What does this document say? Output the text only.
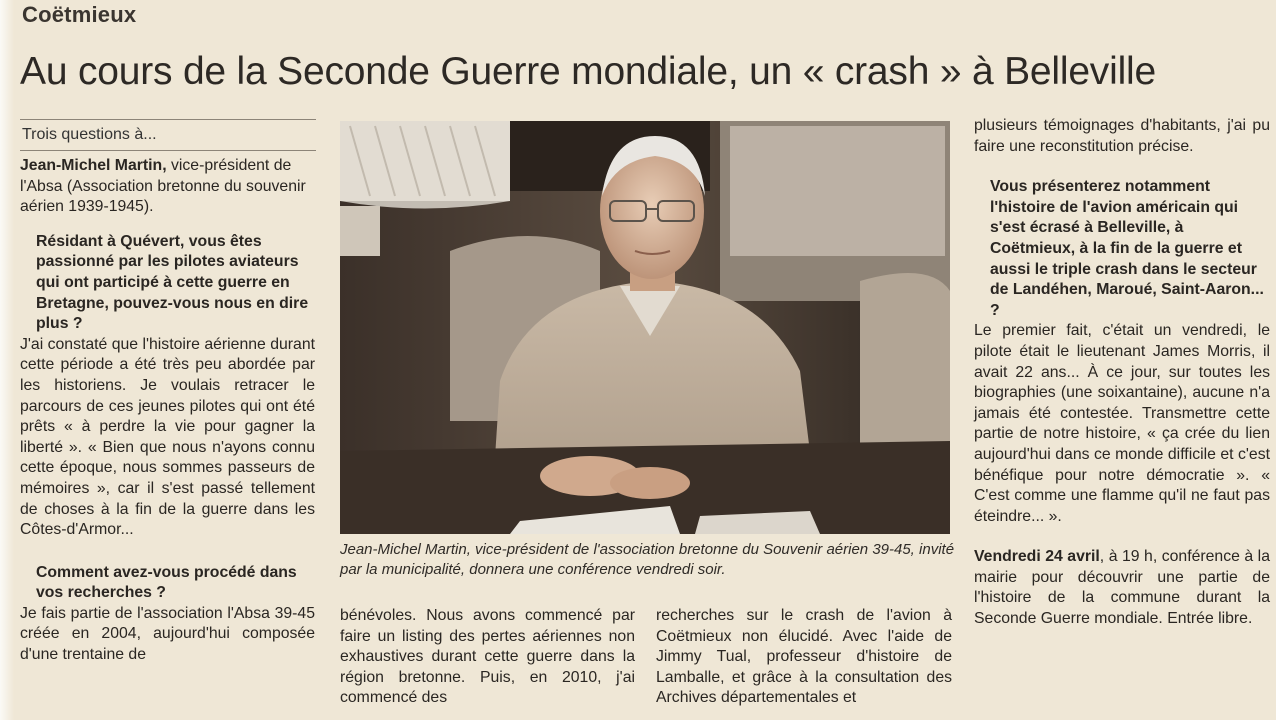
Coëtmieux
Au cours de la Seconde Guerre mondiale, un « crash » à Belleville
Trois questions à...

Jean-Michel Martin, vice-président de l'Absa (Association bretonne du souvenir aérien 1939-1945).

Résidant à Quévert, vous êtes passionné par les pilotes aviateurs qui ont participé à cette guerre en Bretagne, pouvez-vous nous en dire plus ?

J'ai constaté que l'histoire aérienne durant cette période a été très peu abordée par les historiens. Je voulais retracer le parcours de ces jeunes pilotes qui ont été prêts « à perdre la vie pour gagner la liberté ». « Bien que nous n'ayons connu cette époque, nous sommes passeurs de mémoires », car il s'est passé tellement de choses à la fin de la guerre dans les Côtes-d'Armor...

Comment avez-vous procédé dans vos recherches ?

Je fais partie de l'association l'Absa 39-45 créée en 2004, aujourd'hui composée d'une trentaine de

Jean-Michel Martin, vice-président de l'association bretonne du Souvenir aérien 39-45, invité par la municipalité, donnera une conférence vendredi soir.
bénévoles. Nous avons commencé par faire un listing des pertes aériennes non exhaustives durant cette guerre dans la région bretonne. Puis, en 2010, j'ai commencé des
recherches sur le crash de l'avion à Coëtmieux non élucidé. Avec l'aide de Jimmy Tual, professeur d'histoire de Lamballe, et grâce à la consultation des Archives départementales et

plusieurs témoignages d'habitants, j'ai pu faire une reconstitution précise.

Vous présenterez notamment l'histoire de l'avion américain qui s'est écrasé à Belleville, à Coëtmieux, à la fin de la guerre et aussi le triple crash dans le secteur de Landéhen, Maroué, Saint-Aaron... ?

Le premier fait, c'était un vendredi, le pilote était le lieutenant James Morris, il avait 22 ans... À ce jour, sur toutes les biographies (une soixantaine), aucune n'a jamais été contestée. Transmettre cette partie de notre histoire, « ça crée du lien aujourd'hui dans ce monde difficile et c'est bénéfique pour notre démocratie ». « C'est comme une flamme qu'il ne faut pas éteindre... ».

Vendredi 24 avril, à 19 h, conférence à la mairie pour découvrir une partie de l'histoire de la commune durant la Seconde Guerre mondiale. Entrée libre.
